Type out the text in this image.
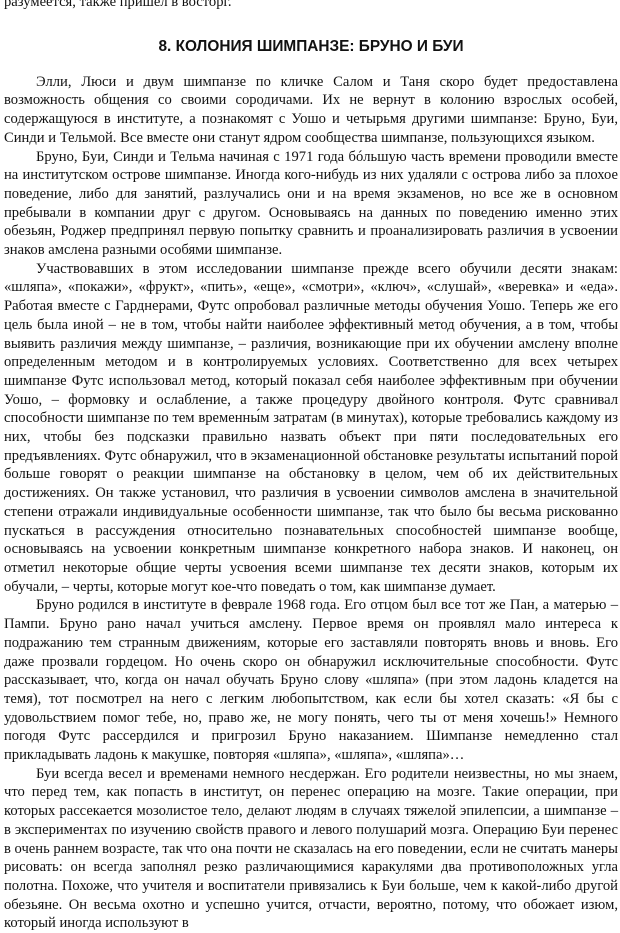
разумеется, также пришел в восторг.

8. КОЛОНИЯ ШИМПАНЗЕ: БРУНО И БУИ

Элли, Люси и двум шимпанзе по кличке Салом и Таня скоро будет предоставлена возможность общения со своими сородичами. Их не вернут в колонию взрослых особей, содержащуюся в институте, а познакомят с Уошо и четырьмя другими шимпанзе: Бруно, Буи, Синди и Тельмой. Все вместе они станут ядром сообщества шимпанзе, пользующихся языком.

Бруно, Буи, Синди и Тельма начиная с 1971 года бóльшую часть времени проводили вместе на институтском острове шимпанзе. Иногда кого-нибудь из них удаляли с острова либо за плохое поведение, либо для занятий, разлучались они и на время экзаменов, но все же в основном пребывали в компании друг с другом. Основываясь на данных по поведению именно этих обезьян, Роджер предпринял первую попытку сравнить и проанализировать различия в усвоении знаков амслена разными особями шимпанзе.

Участвовавших в этом исследовании шимпанзе прежде всего обучили десяти знакам: «шляпа», «покажи», «фрукт», «пить», «еще», «смотри», «ключ», «слушай», «веревка» и «еда». Работая вместе с Гарднерами, Футс опробовал различные методы обучения Уошо. Теперь же его цель была иной – не в том, чтобы найти наиболее эффективный метод обучения, а в том, чтобы выявить различия между шимпанзе, – различия, возникающие при их обучении амслену вполне определенным методом и в контролируемых условиях. Соответственно для всех четырех шимпанзе Футс использовал метод, который показал себя наиболее эффективным при обучении Уошо, – формовку и ослабление, а также процедуру двойного контроля. Футс сравнивал способности шимпанзе по тем временны́м затратам (в минутах), которые требовались каждому из них, чтобы без подсказки правильно назвать объект при пяти последовательных его предъявлениях. Футс обнаружил, что в экзаменационной обстановке результаты испытаний порой больше говорят о реакции шимпанзе на обстановку в целом, чем об их действительных достижениях. Он также установил, что различия в усвоении символов амслена в значительной степени отражали индивидуальные особенности шимпанзе, так что было бы весьма рискованно пускаться в рассуждения относительно познавательных способностей шимпанзе вообще, основываясь на усвоении конкретным шимпанзе конкретного набора знаков. И наконец, он отметил некоторые общие черты усвоения всеми шимпанзе тех десяти знаков, которым их обучали, – черты, которые могут кое-что поведать о том, как шимпанзе думает.

Бруно родился в институте в феврале 1968 года. Его отцом был все тот же Пан, а матерью – Пампи. Бруно рано начал учиться амслену. Первое время он проявлял мало интереса к подражанию тем странным движениям, которые его заставляли повторять вновь и вновь. Его даже прозвали гордецом. Но очень скоро он обнаружил исключительные способности. Футс рассказывает, что, когда он начал обучать Бруно слову «шляпа» (при этом ладонь кладется на темя), тот посмотрел на него с легким любопытством, как если бы хотел сказать: «Я бы с удовольствием помог тебе, но, право же, не могу понять, чего ты от меня хочешь!» Немного погодя Футс рассердился и пригрозил Бруно наказанием. Шимпанзе немедленно стал прикладывать ладонь к макушке, повторяя «шляпа», «шляпа», «шляпа»…

Буи всегда весел и временами немного несдержан. Его родители неизвестны, но мы знаем, что перед тем, как попасть в институт, он перенес операцию на мозге. Такие операции, при которых рассекается мозолистое тело, делают людям в случаях тяжелой эпилепсии, а шимпанзе – в экспериментах по изучению свойств правого и левого полушарий мозга. Операцию Буи перенес в очень раннем возрасте, так что она почти не сказалась на его поведении, если не считать манеры рисовать: он всегда заполнял резко различающимися каракулями два противоположных угла полотна. Похоже, что учителя и воспитатели привязались к Буи больше, чем к какой-либо другой обезьяне. Он весьма охотно и успешно учится, отчасти, вероятно, потому, что обожает изюм, который иногда используют в
